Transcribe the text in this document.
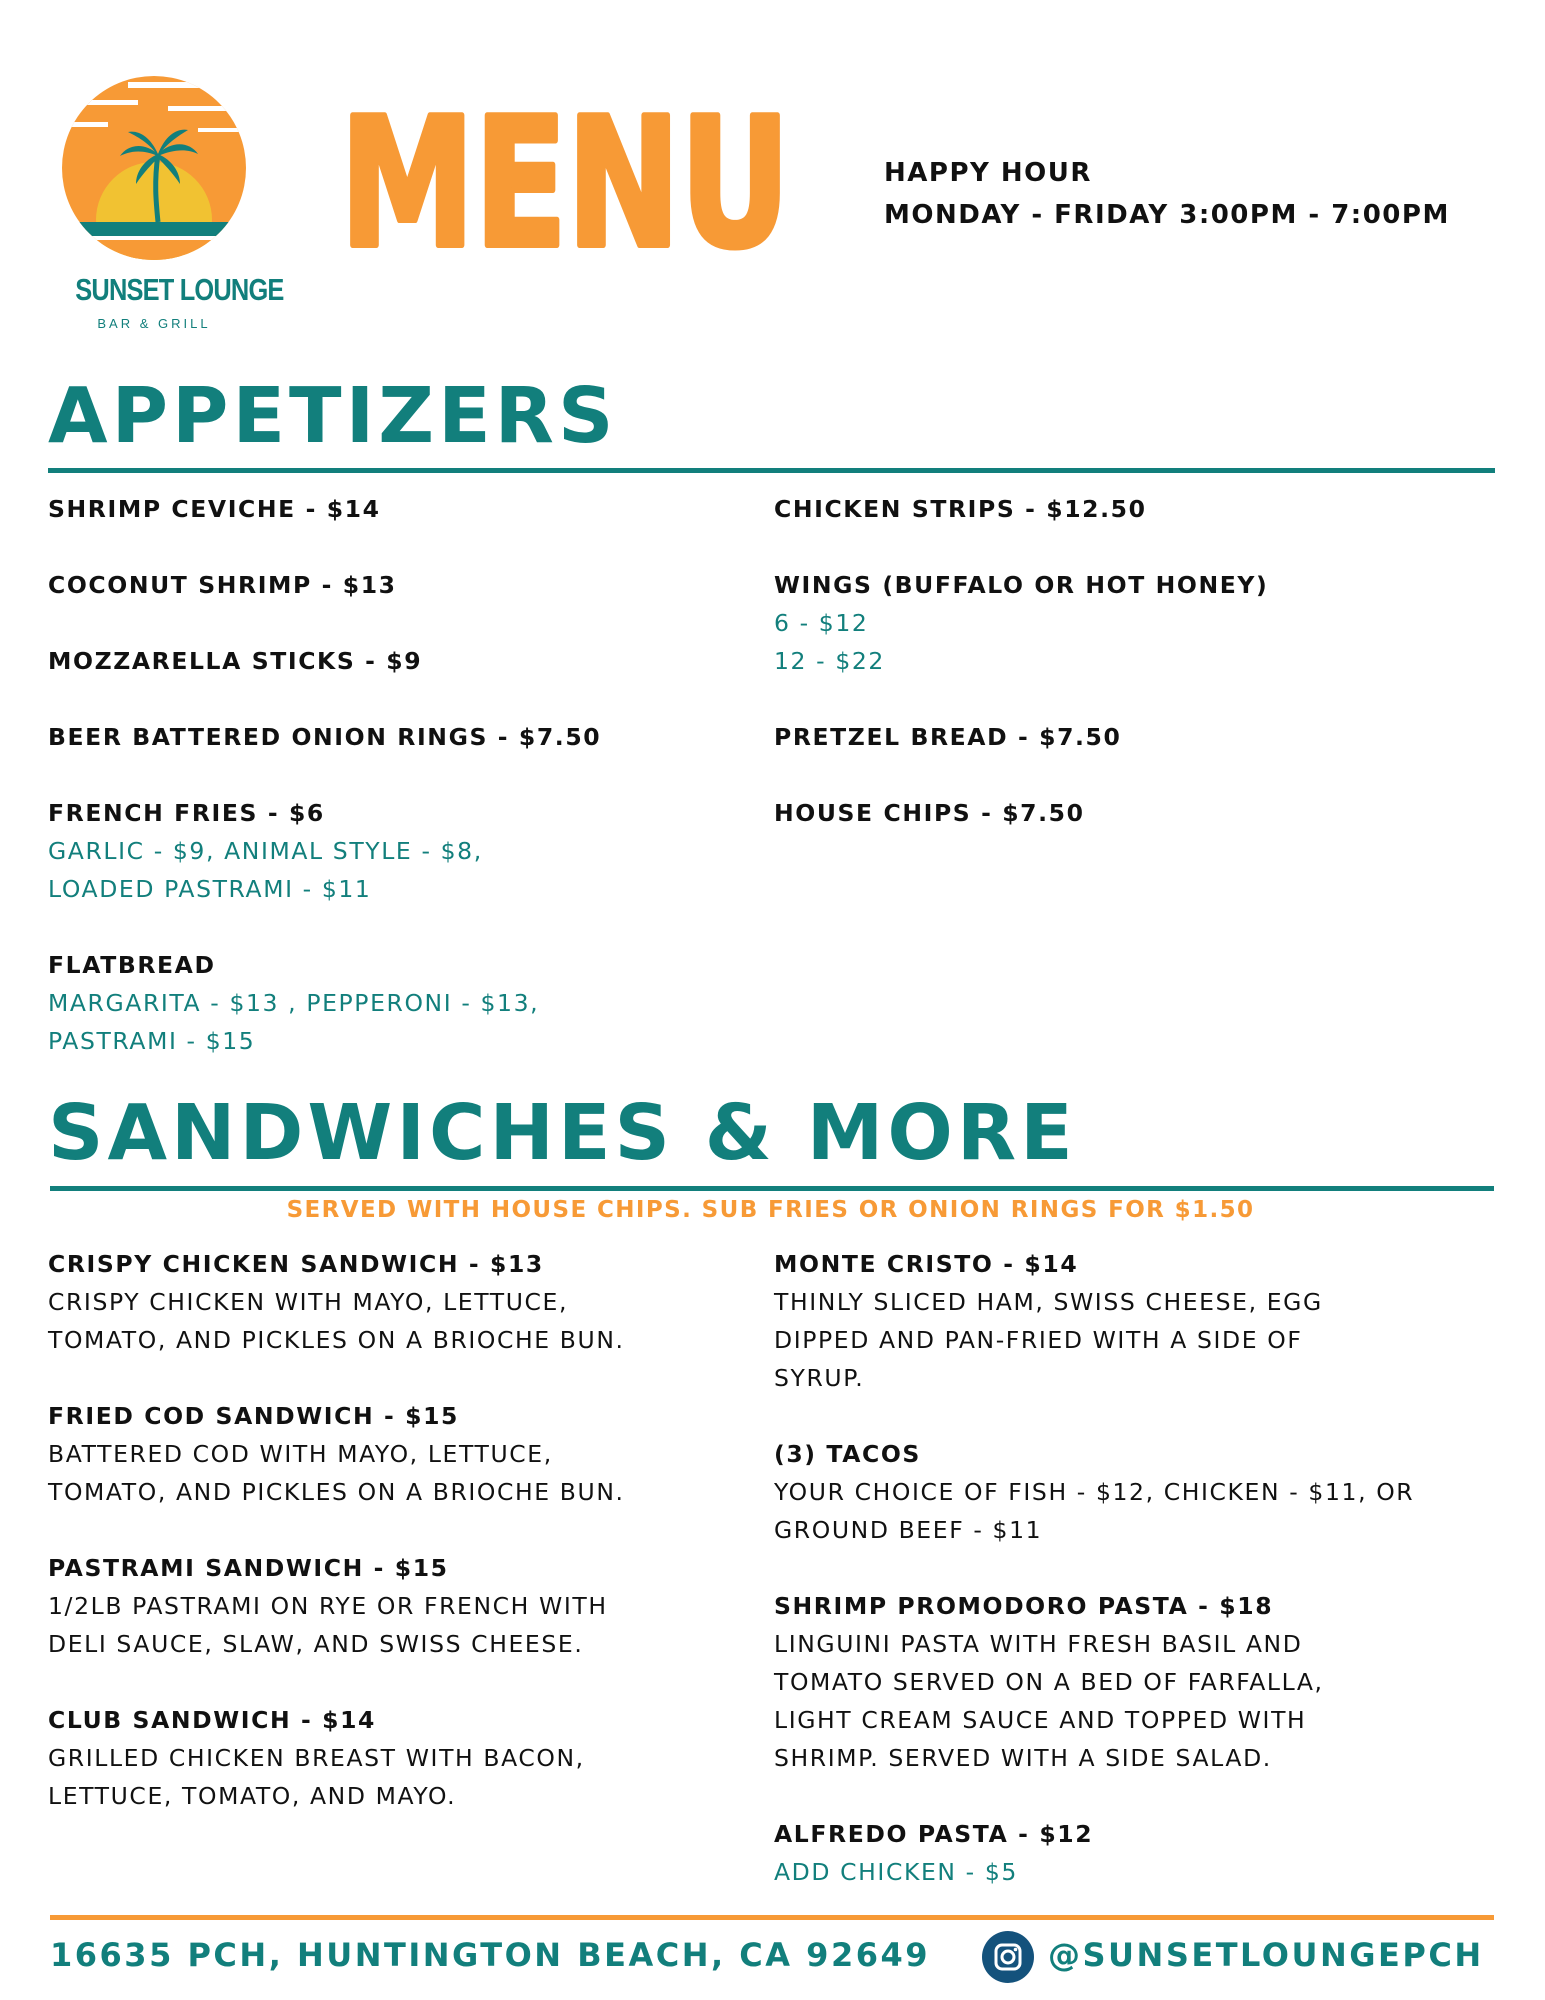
SUNSET LOUNGE
BAR & GRILL
MENU	HAPPY HOUR
MONDAY - FRIDAY 3:00PM - 7:00PM
APPETIZERS
SHRIMP CEVICHE - $14
COCONUT SHRIMP - $13
MOZZARELLA STICKS - $9
BEER BATTERED ONION RINGS - $7.50
FRENCH FRIES - $6
GARLIC - $9, ANIMAL STYLE - $8,
LOADED PASTRAMI - $11
FLATBREAD
MARGARITA - $13 , PEPPERONI - $13,
PASTRAMI - $15
CHICKEN STRIPS - $12.50
WINGS (BUFFALO OR HOT HONEY)
6 - $12
12 - $22
PRETZEL BREAD - $7.50
HOUSE CHIPS - $7.50
SANDWICHES & MORE
SERVED WITH HOUSE CHIPS. SUB FRIES OR ONION RINGS FOR $1.50
CRISPY CHICKEN SANDWICH - $13
CRISPY CHICKEN WITH MAYO, LETTUCE,
TOMATO, AND PICKLES ON A BRIOCHE BUN.
FRIED COD SANDWICH - $15
BATTERED COD WITH MAYO, LETTUCE,
TOMATO, AND PICKLES ON A BRIOCHE BUN.
PASTRAMI SANDWICH - $15
1/2LB PASTRAMI ON RYE OR FRENCH WITH
DELI SAUCE, SLAW, AND SWISS CHEESE.
CLUB SANDWICH - $14
GRILLED CHICKEN BREAST WITH BACON,
LETTUCE, TOMATO, AND MAYO.
MONTE CRISTO - $14
THINLY SLICED HAM, SWISS CHEESE, EGG
DIPPED AND PAN-FRIED WITH A SIDE OF
SYRUP.
(3) TACOS
YOUR CHOICE OF FISH - $12, CHICKEN - $11, OR
GROUND BEEF - $11
SHRIMP PROMODORO PASTA - $18
LINGUINI PASTA WITH FRESH BASIL AND
TOMATO SERVED ON A BED OF FARFALLA,
LIGHT CREAM SAUCE AND TOPPED WITH
SHRIMP. SERVED WITH A SIDE SALAD.
ALFREDO PASTA - $12
ADD CHICKEN - $5
16635 PCH, HUNTINGTON BEACH, CA 92649	@SUNSETLOUNGEPCH
